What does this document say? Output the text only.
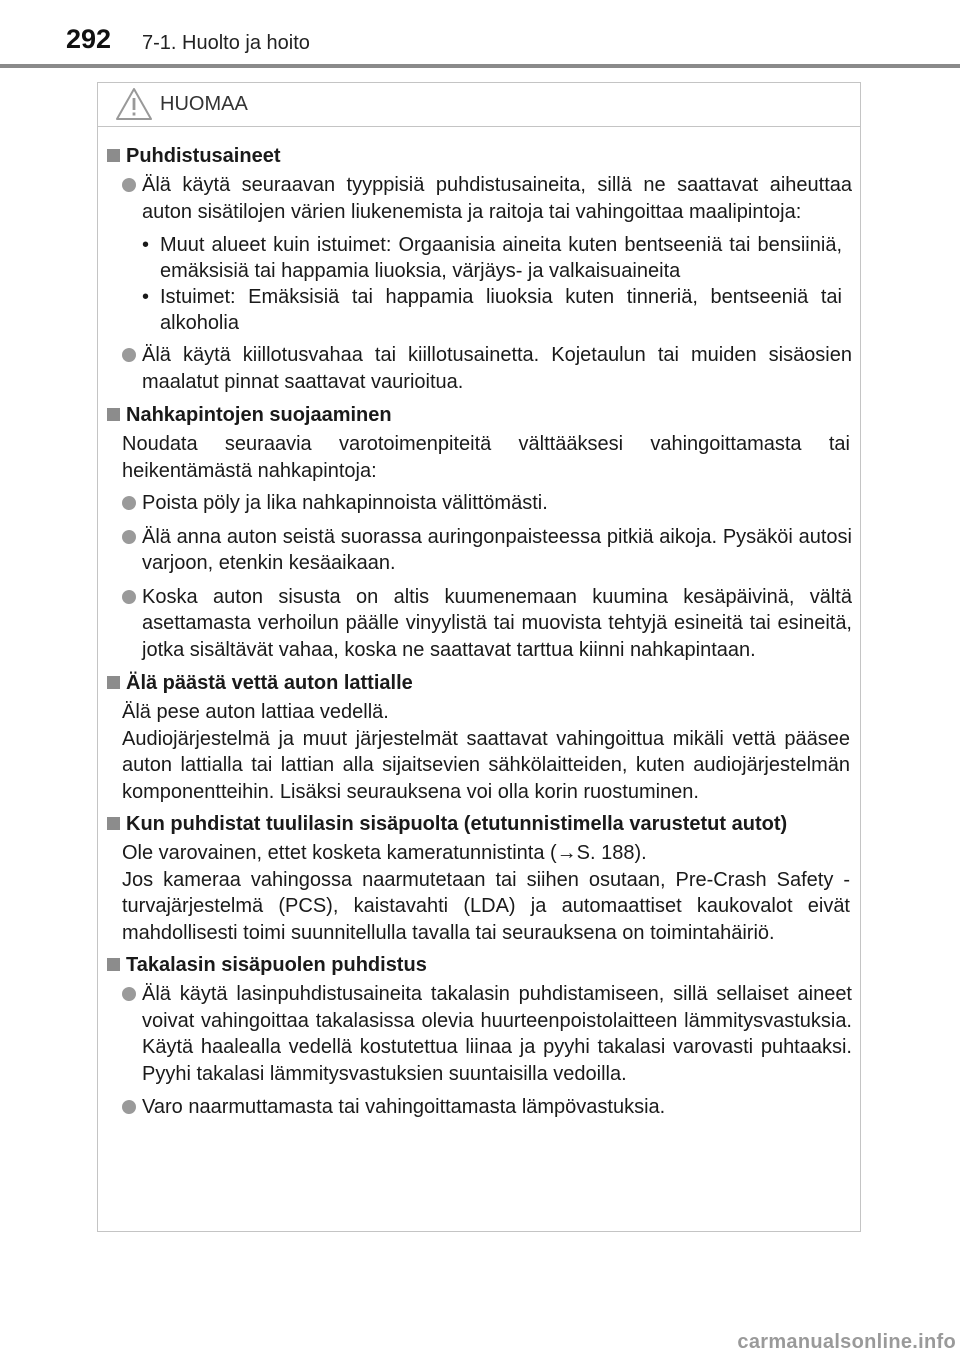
292 7-1. Huolto ja hoito
HUOMAA
Puhdistusaineet
Älä käytä seuraavan tyyppisiä puhdistusaineita, sillä ne saattavat aiheuttaa auton sisätilojen värien liukenemista ja raitoja tai vahingoittaa maalipintoja:
• Muut alueet kuin istuimet: Orgaanisia aineita kuten bentseeniä tai bensiiniä, emäksisiä tai happamia liuoksia, värjäys- ja valkaisuaineita
• Istuimet: Emäksisiä tai happamia liuoksia kuten tinneriä, bentseeniä tai alkoholia
Älä käytä kiillotusvahaa tai kiillotusainetta. Kojetaulun tai muiden sisäosien maalatut pinnat saattavat vaurioitua.
Nahkapintojen suojaaminen
Noudata seuraavia varotoimenpiteitä välttääksesi vahingoittamasta tai heikentämästä nahkapintoja:
Poista pöly ja lika nahkapinnoista välittömästi.
Älä anna auton seistä suorassa auringonpaisteessa pitkiä aikoja. Pysäköi autosi varjoon, etenkin kesäaikaan.
Koska auton sisusta on altis kuumenemaan kuumina kesäpäivinä, vältä asettamasta verhoilun päälle vinyylistä tai muovista tehtyjä esineitä tai esineitä, jotka sisältävät vahaa, koska ne saattavat tarttua kiinni nahkapintaan.
Älä päästä vettä auton lattialle
Älä pese auton lattiaa vedellä.
Audiojärjestelmä ja muut järjestelmät saattavat vahingoittua mikäli vettä pääsee auton lattialla tai lattian alla sijaitsevien sähkölaitteiden, kuten audiojärjestelmän komponentteihin. Lisäksi seurauksena voi olla korin ruostuminen.
Kun puhdistat tuulilasin sisäpuolta (etutunnistimella varustetut autot)
Ole varovainen, ettet kosketa kameratunnistinta (→S. 188).
Jos kameraa vahingossa naarmutetaan tai siihen osutaan, Pre-Crash Safety -turvajärjestelmä (PCS), kaistavahti (LDA) ja automaattiset kaukovalot eivät mahdollisesti toimi suunnitellulla tavalla tai seurauksena on toimintahäiriö.
Takalasin sisäpuolen puhdistus
Älä käytä lasinpuhdistusaineita takalasin puhdistamiseen, sillä sellaiset aineet voivat vahingoittaa takalasissa olevia huurteenpoistolaitteen lämmitysvastuksia. Käytä haalealla vedellä kostutettua liinaa ja pyyhi takalasi varovasti puhtaaksi. Pyyhi takalasi lämmitysvastuksien suuntaisilla vedoilla.
Varo naarmuttamasta tai vahingoittamasta lämpövastuksia.
carmanualsonline.info
